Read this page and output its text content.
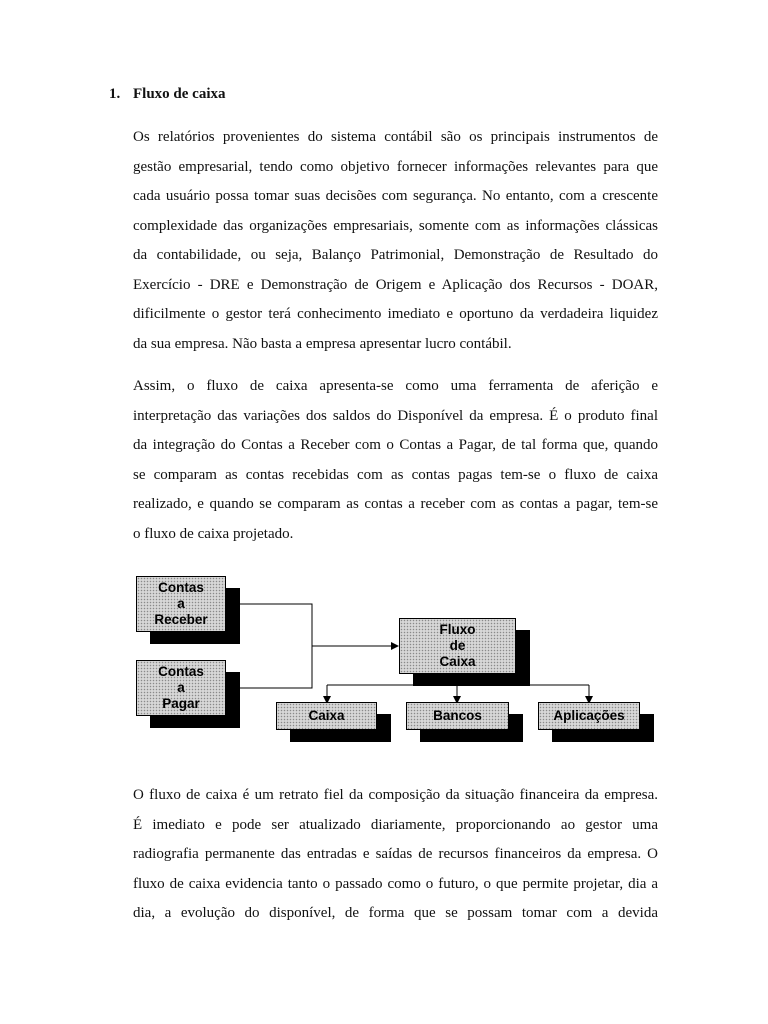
1. Fluxo de caixa

Os relatórios provenientes do sistema contábil são os principais instrumentos de
gestão empresarial, tendo como objetivo fornecer informações relevantes para que
cada usuário possa tomar suas decisões com segurança. No entanto, com a crescente
complexidade das organizações empresariais, somente com as informações clássicas
da contabilidade, ou seja, Balanço Patrimonial, Demonstração de Resultado do
Exercício - DRE e Demonstração de Origem e Aplicação dos Recursos - DOAR,
dificilmente o gestor terá conhecimento imediato e oportuno da verdadeira liquidez
da sua empresa. Não basta a empresa apresentar lucro contábil.

Assim, o fluxo de caixa apresenta-se como uma ferramenta de aferição e
interpretação das variações dos saldos do Disponível da empresa. É o produto final
da integração do Contas a Receber com o Contas a Pagar, de tal forma que, quando
se comparam as contas recebidas com as contas pagas tem-se o fluxo de caixa
realizado, e quando se comparam as contas a receber com as contas a pagar, tem-se
o fluxo de caixa projetado.

Contas
a
Receber
Contas
a
Pagar
Fluxo
de
Caixa
Caixa	Bancos	Aplicações

O fluxo de caixa é um retrato fiel da composição da situação financeira da empresa.
É imediato e pode ser atualizado diariamente, proporcionando ao gestor uma
radiografia permanente das entradas e saídas de recursos financeiros da empresa. O
fluxo de caixa evidencia tanto o passado como o futuro, o que permite projetar, dia a
dia, a evolução do disponível, de forma que se possam tomar com a devida
